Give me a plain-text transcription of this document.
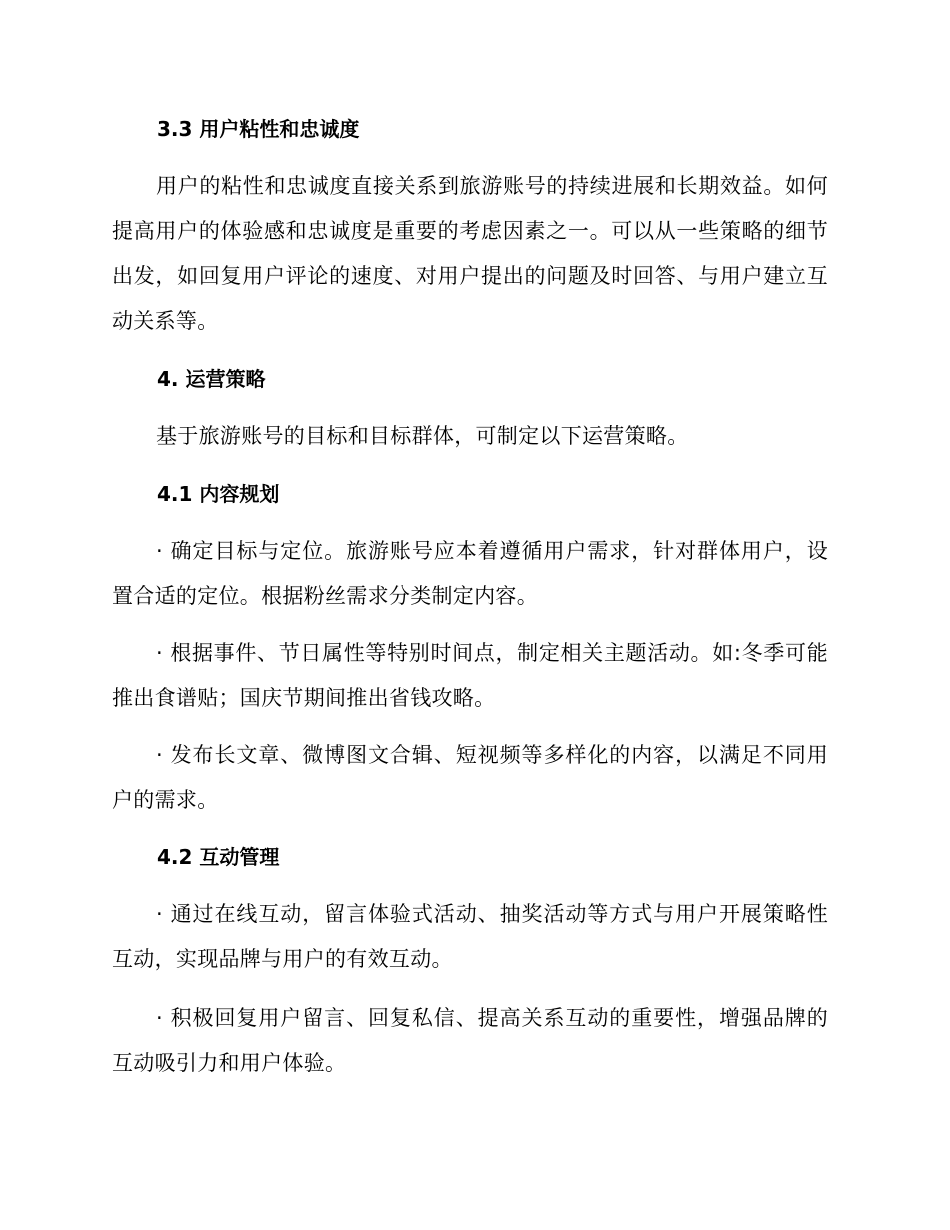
3.3 用户粘性和忠诚度

用户的粘性和忠诚度直接关系到旅游账号的持续进展和长期效益。如何提高用户的体验感和忠诚度是重要的考虑因素之一。可以从一些策略的细节出发，如回复用户评论的速度、对用户提出的问题及时回答、与用户建立互动关系等。

4. 运营策略

基于旅游账号的目标和目标群体，可制定以下运营策略。

4.1 内容规划

· 确定目标与定位。旅游账号应本着遵循用户需求，针对群体用户，设置合适的定位。根据粉丝需求分类制定内容。

· 根据事件、节日属性等特别时间点，制定相关主题活动。如:冬季可能推出食谱贴；国庆节期间推出省钱攻略。

· 发布长文章、微博图文合辑、短视频等多样化的内容，以满足不同用户的需求。

4.2 互动管理

· 通过在线互动，留言体验式活动、抽奖活动等方式与用户开展策略性互动，实现品牌与用户的有效互动。

· 积极回复用户留言、回复私信、提高关系互动的重要性，增强品牌的互动吸引力和用户体验。
